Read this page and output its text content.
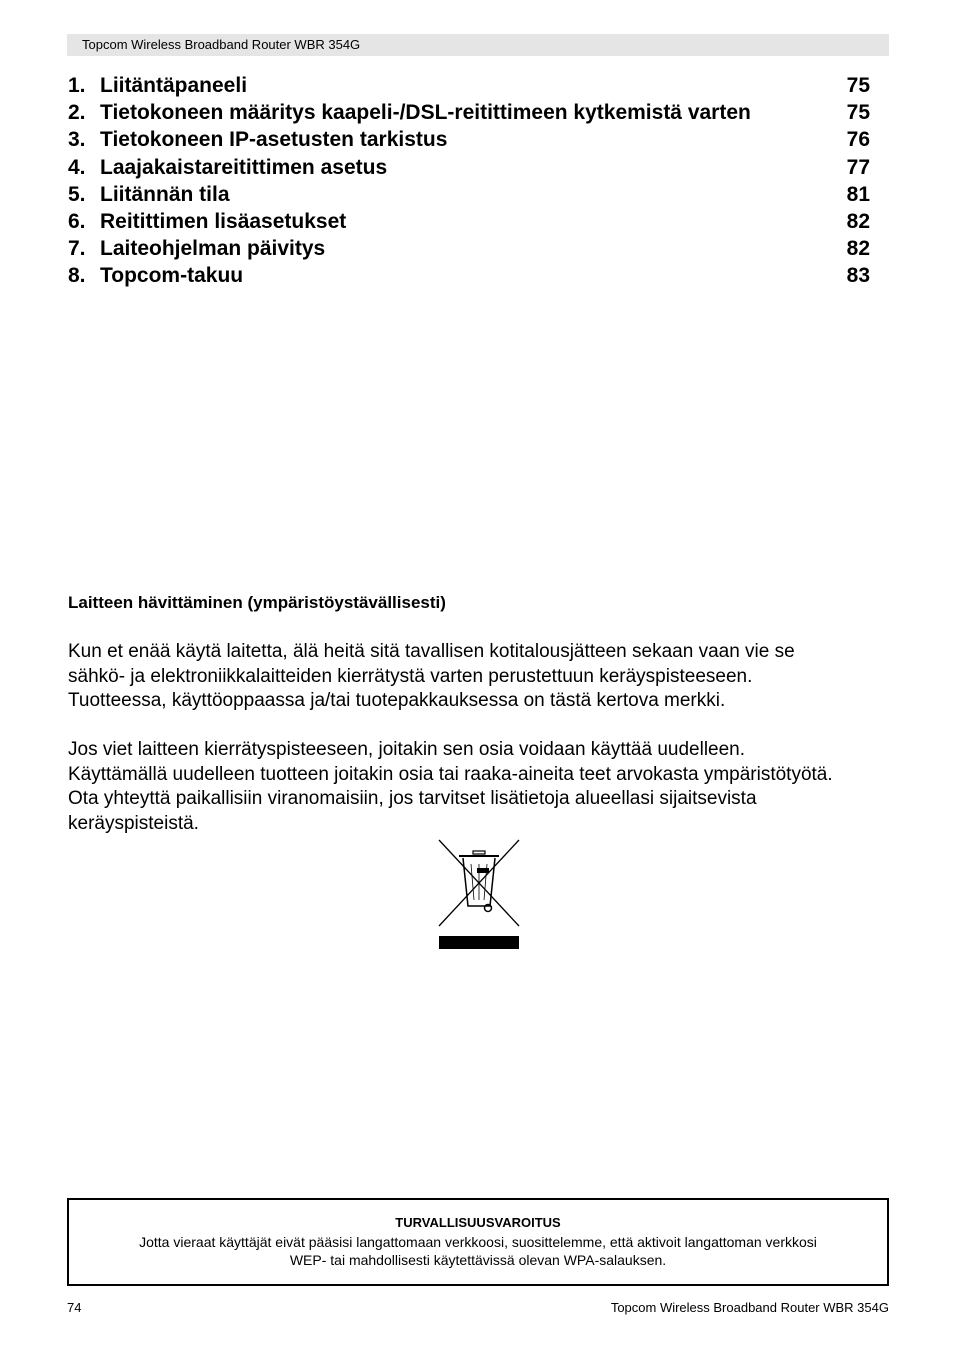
Topcom Wireless Broadband Router WBR 354G
1. Liitäntäpaneeli	75
2. Tietokoneen määritys kaapeli-/DSL-reitittimeen kytkemistä varten	75
3. Tietokoneen IP-asetusten tarkistus	76
4. Laajakaistareitittimen asetus	77
5. Liitännän tila	81
6. Reitittimen lisäasetukset	82
7. Laiteohjelman päivitys	82
8. Topcom-takuu	83
Laitteen hävittäminen (ympäristöystävällisesti)
Kun et enää käytä laitetta, älä heitä sitä tavallisen kotitalousjätteen sekaan vaan vie se
sähkö- ja elektroniikkalaitteiden kierrätystä varten perustettuun keräyspisteeseen.
Tuotteessa, käyttöoppaassa ja/tai tuotepakkauksessa on tästä kertova merkki.
Jos viet laitteen kierrätyspisteeseen, joitakin sen osia voidaan käyttää uudelleen.
Käyttämällä uudelleen tuotteen joitakin osia tai raaka-aineita teet arvokasta ympäristötyötä.
Ota yhteyttä paikallisiin viranomaisiin, jos tarvitset lisätietoja alueellasi sijaitsevista
keräyspisteistä.
TURVALLISUUSVAROITUS
Jotta vieraat käyttäjät eivät pääsisi langattomaan verkkoosi, suosittelemme, että aktivoit langattoman verkkosi
WEP- tai mahdollisesti käytettävissä olevan WPA-salauksen.
74	Topcom Wireless Broadband Router WBR 354G
